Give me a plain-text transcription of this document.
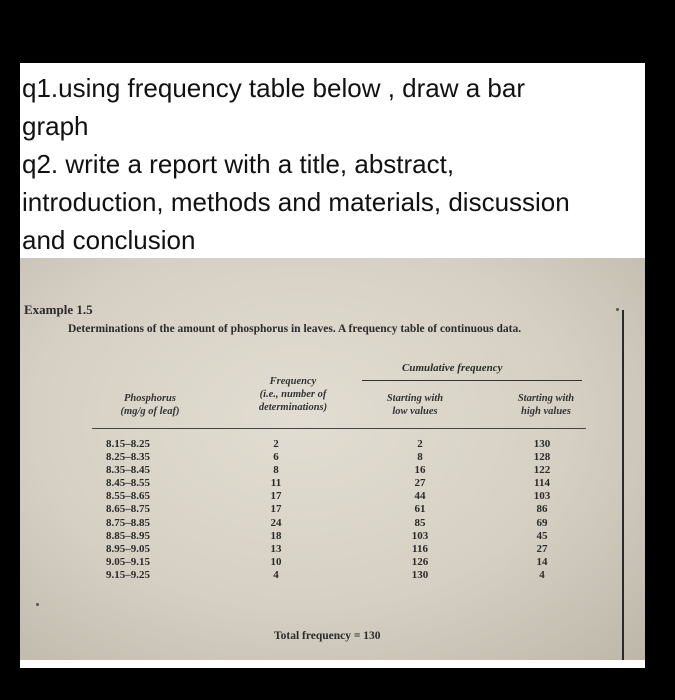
q1.using frequency table below , draw a bar
graph
q2. write a report with a title, abstract,
introduction, methods and materials, discussion
and conclusion
Example 1.5
Determinations of the amount of phosphorus in leaves. A frequency table of continuous data.
Cumulative frequency
Phosphorus
(mg/g of leaf)
Frequency
(i.e., number of
determinations)
Starting with
low values
Starting with
high values
8.15–8.25
8.25–8.35
8.35–8.45
8.45–8.55
8.55–8.65
8.65–8.75
8.75–8.85
8.85–8.95
8.95–9.05
9.05–9.15
9.15–9.25
2
6
8
11
17
17
24
18
13
10
4
2
8
16
27
44
61
85
103
116
126
130
130
128
122
114
103
86
69
45
27
14
4
Total frequency = 130
